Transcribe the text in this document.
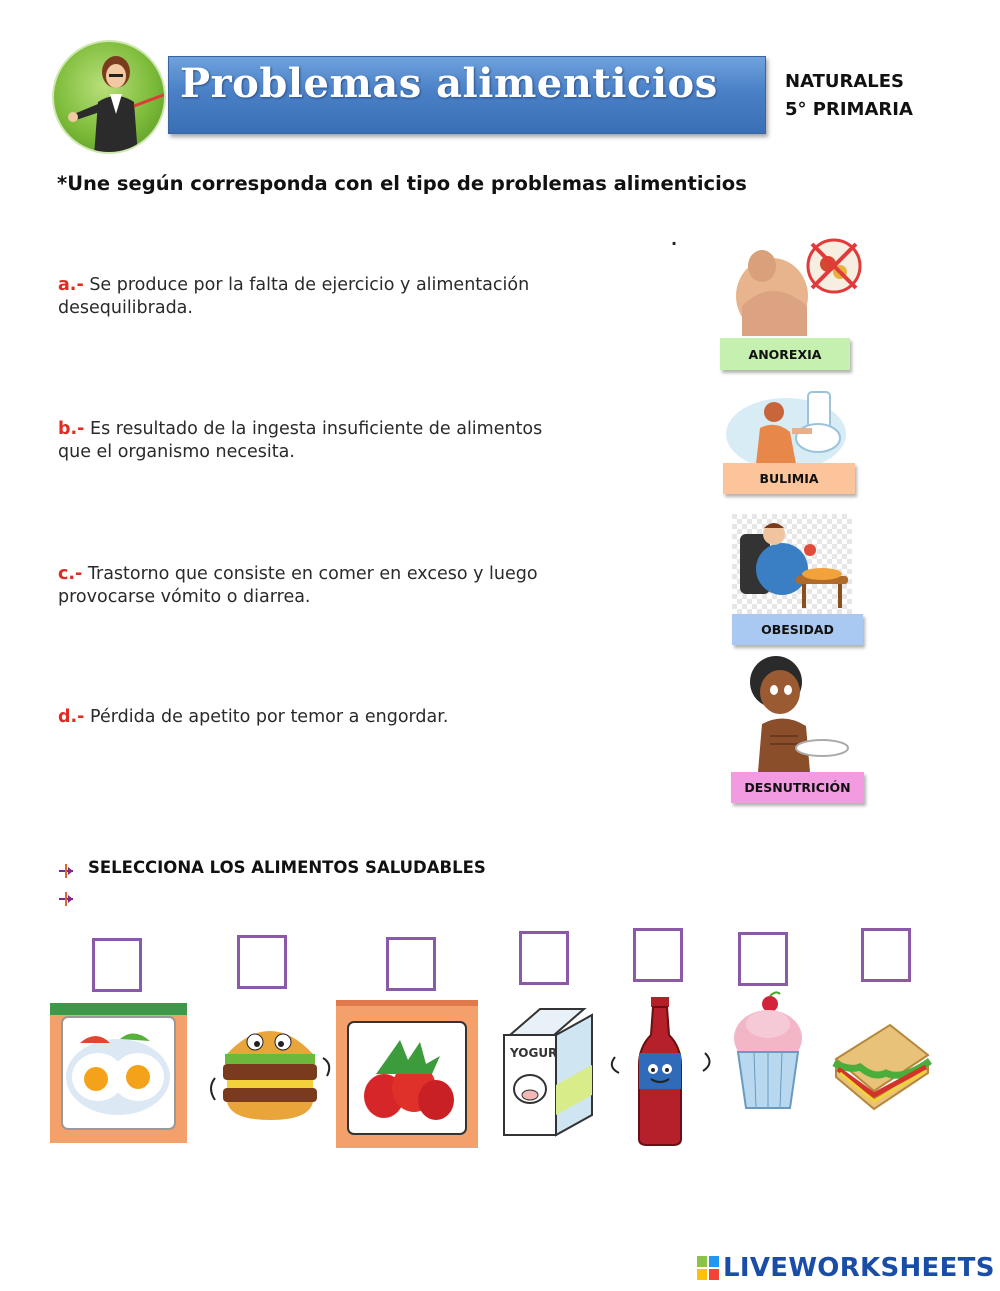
Problemas alimenticios	NATURALES
5° PRIMARIA
*Une según corresponda con el tipo de problemas alimenticios
.
a.- Se produce por la falta de ejercicio y alimentación
desequilibrada.
b.- Es resultado de la ingesta insuficiente de alimentos
que el organismo necesita.
c.- Trastorno que consiste en comer en exceso y luego
provocarse vómito o diarrea.
d.- Pérdida de apetito por temor a engordar.
ANOREXIA
BULIMIA
OBESIDAD
DESNUTRICIÓN
SELECCIONA LOS ALIMENTOS SALUDABLES
YOGUR
LIVEWORKSHEETS
